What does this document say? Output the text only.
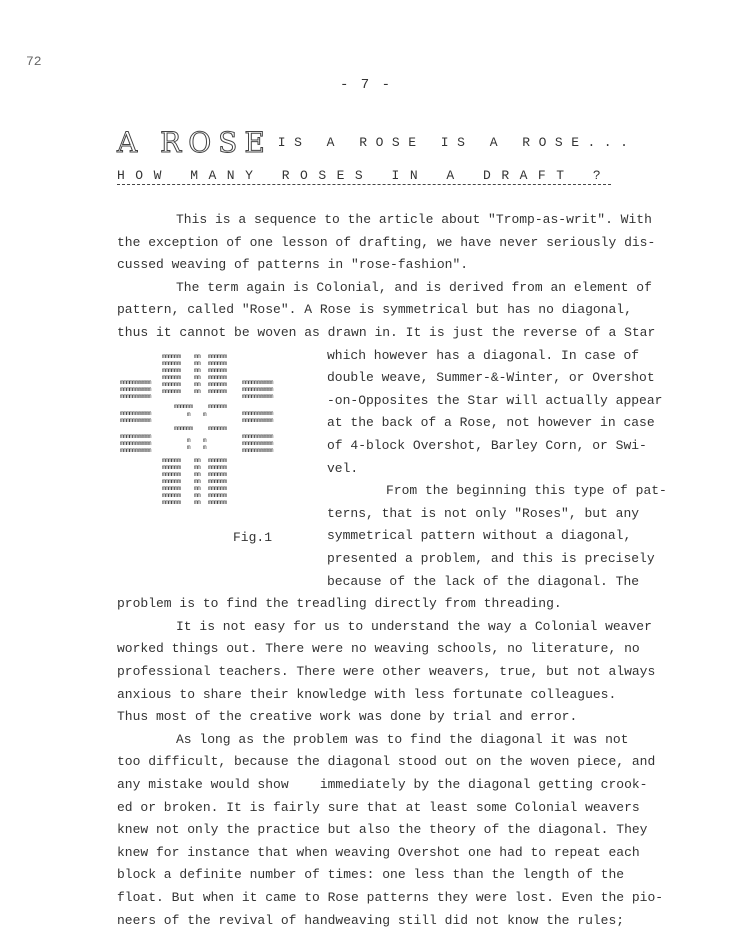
72
- 7 -
A ROSE IS A ROSE IS A ROSE...
HOW MANY ROSES IN A DRAFT ?
mmmmmm
mmmmmm
mmmmmm
mmmmmm
mmmmmm
mmmmmm
mm
mm
mm
mm
mm
mm
mmmmmm
mmmmmm
mmmmmm
mmmmmm
mmmmmm
mmmmmm
mmmmmmmmmm
mmmmmmmmmm
mmmmmmmmmm
mmmmmmmmmm
mmmmmmmmmm
mmmmmmmmmm
mmmmmmmmmm
mmmmmmmmmm
mmmmmmmmmm
mmmmmmmmmm
mmmmmmmmmm
mmmmmmmmmm
mmmmmmmmmm
mmmmmmmmmm
mmmmmmmmmm
mmmmmmmmmm
mmmmmm	mmmmmm
mmmmmm	mmmmmm
m	m
m
m
m
m
mmmmmm
mmmmmm
mmmmmm
mmmmmm
mmmmmm
mmmmmm
mmmmmm
mm
mm
mm
mm
mm
mm
mm
mmmmmm
mmmmmm
mmmmmm
mmmmmm
mmmmmm
mmmmmm
mmmmmm
Fig.1
This is a sequence to the article about "Tromp-as-writ". With
the exception of one lesson of drafting, we have never seriously dis-
cussed weaving of patterns in "rose-fashion".
The term again is Colonial, and is derived from an element of
pattern, called "Rose". A Rose is symmetrical but has no diagonal,
thus it cannot be woven as drawn in. It is just the reverse of a Star
which however has a diagonal. In case of
double weave, Summer-&-Winter, or Overshot
-on-Opposites the Star will actually appear
at the back of a Rose, not however in case
of 4-block Overshot, Barley Corn, or Swi-
vel.
From the beginning this type of pat-
terns, that is not only "Roses", but any
symmetrical pattern without a diagonal,
presented a problem, and this is precisely
because of the lack of the diagonal. The
problem is to find the treadling directly from threading.
It is not easy for us to understand the way a Colonial weaver
worked things out. There were no weaving schools, no literature, no
professional teachers. There were other weavers, true, but not always
anxious to share their knowledge with less fortunate colleagues.
Thus most of the creative work was done by trial and error.
As long as the problem was to find the diagonal it was not
too difficult, because the diagonal stood out on the woven piece, and
any mistake would show    immediately by the diagonal getting crook-
ed or broken. It is fairly sure that at least some Colonial weavers
knew not only the practice but also the theory of the diagonal. They
knew for instance that when weaving Overshot one had to repeat each
block a definite number of times: one less than the length of the
float. But when it came to Rose patterns they were lost. Even the pio-
neers of the revival of handweaving still did not know the rules;
